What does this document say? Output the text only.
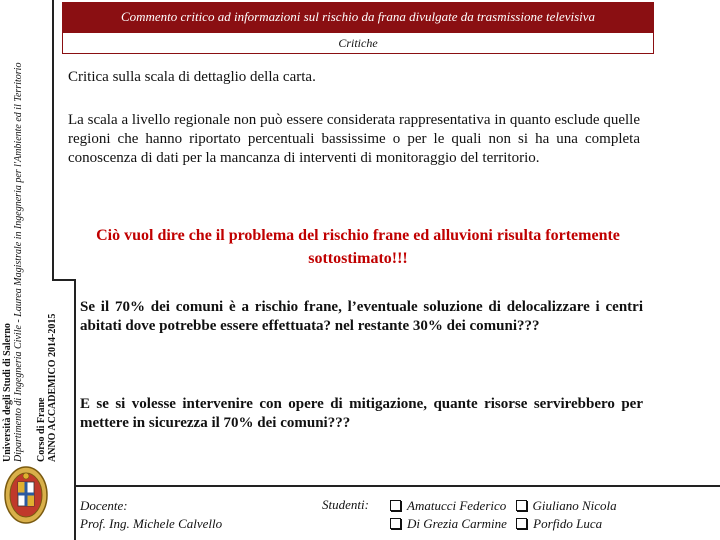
Università degli Studi di Salerno Dipartimento di Ingegneria Civile - Laurea Magistrale in Ingegneria per l'Ambiente ed il Territorio
Corso di Frane ANNO ACCADEMICO 2014-2015
Commento critico ad informazioni sul rischio da frana divulgate da trasmissione televisiva
Critiche
Critica sulla scala di dettaglio della carta.
La scala a livello regionale non può essere considerata rappresentativa in quanto esclude quelle regioni che hanno riportato percentuali bassissime o per le quali non si ha una completa conoscenza di dati per la mancanza di interventi di monitoraggio del territorio.
Ciò vuol dire che il problema del rischio frane ed alluvioni risulta fortemente sottostimato!!!
Se il 70% dei comuni è a rischio frane, l’eventuale soluzione di delocalizzare i centri abitati dove potrebbe essere effettuata? nel restante 30% dei comuni???
E se si volesse intervenire con opere di mitigazione, quante risorse servirebbero per mettere in sicurezza il 70% dei comuni???
Docente:
Prof. Ing. Michele Calvello
Studenti:	Amatucci Federico Giuliano Nicola
Di Grezia Carmine Porfido Luca
